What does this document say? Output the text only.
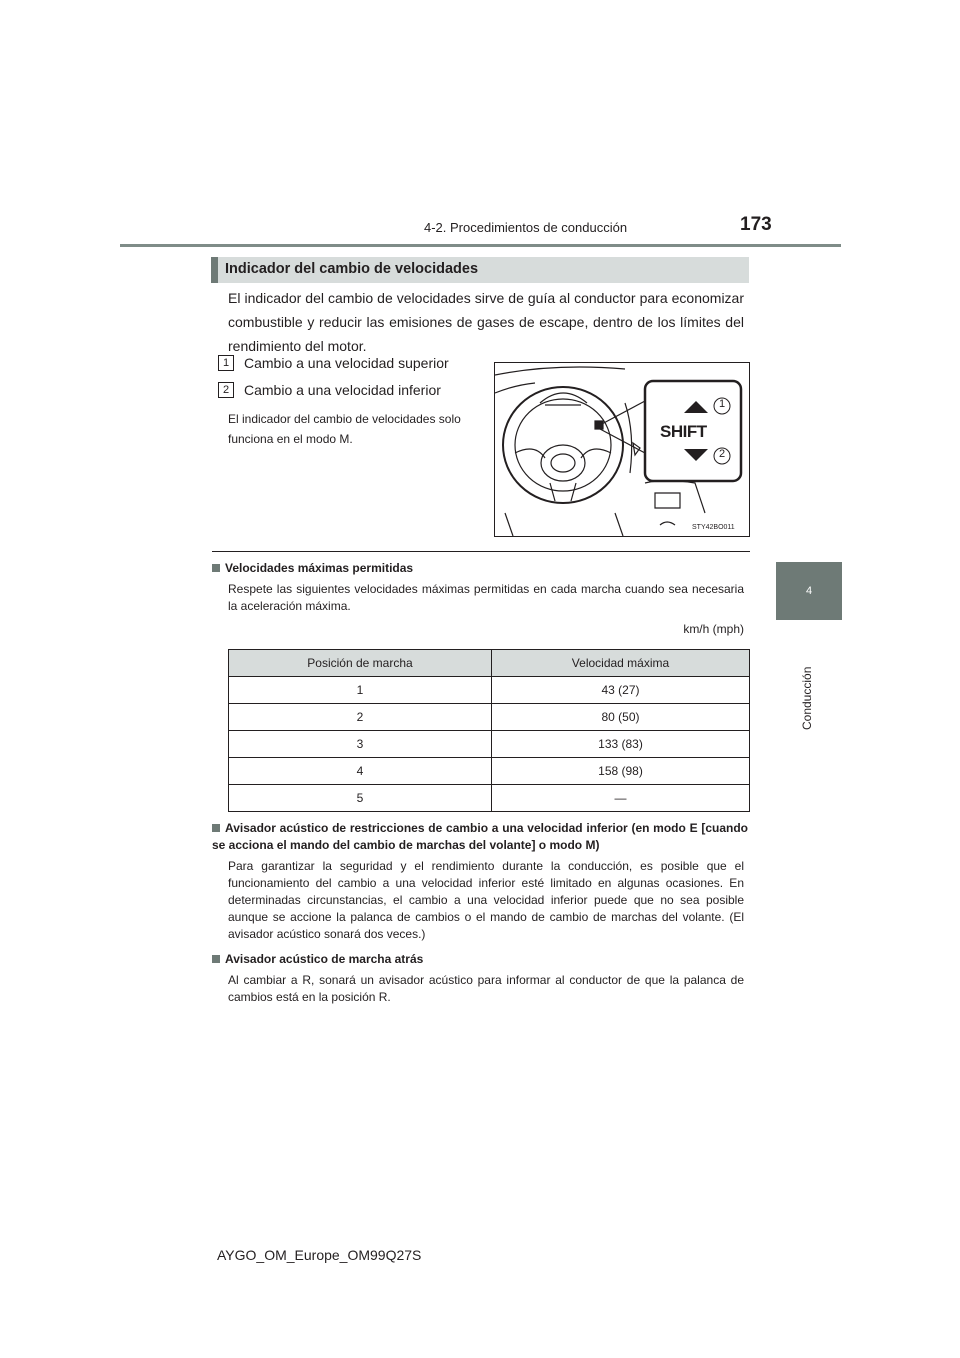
4-2. Procedimientos de conducción	173
4
Conducción
Indicador del cambio de velocidades
El indicador del cambio de velocidades sirve de guía al conductor para economizar combustible y reducir las emisiones de gases de escape, dentro de los límites del rendimiento del motor.
1	Cambio a una velocidad superior
2	Cambio a una velocidad inferior
El indicador del cambio de velocidades solo funciona en el modo M.	SHIFT
1
2
STY42BO011
Velocidades máximas permitidas
Respete las siguientes velocidades máximas permitidas en cada marcha cuando sea necesaria la aceleración máxima.
km/h (mph)
Posición de marcha	Velocidad máxima
1	43 (27)
2	80 (50)
3	133 (83)
4	158 (98)
5	—
Avisador acústico de restricciones de cambio a una velocidad inferior (en modo E [cuando se acciona el mando del cambio de marchas del volante] o modo M)
Para garantizar la seguridad y el rendimiento durante la conducción, es posible que el funcionamiento del cambio a una velocidad inferior esté limitado en algunas ocasiones. En determinadas circunstancias, el cambio a una velocidad inferior puede que no sea posible aunque se accione la palanca de cambios o el mando de cambio de marchas del volante. (El avisador acústico sonará dos veces.)
Avisador acústico de marcha atrás
Al cambiar a R, sonará un avisador acústico para informar al conductor de que la palanca de cambios está en la posición R.
AYGO_OM_Europe_OM99Q27S
